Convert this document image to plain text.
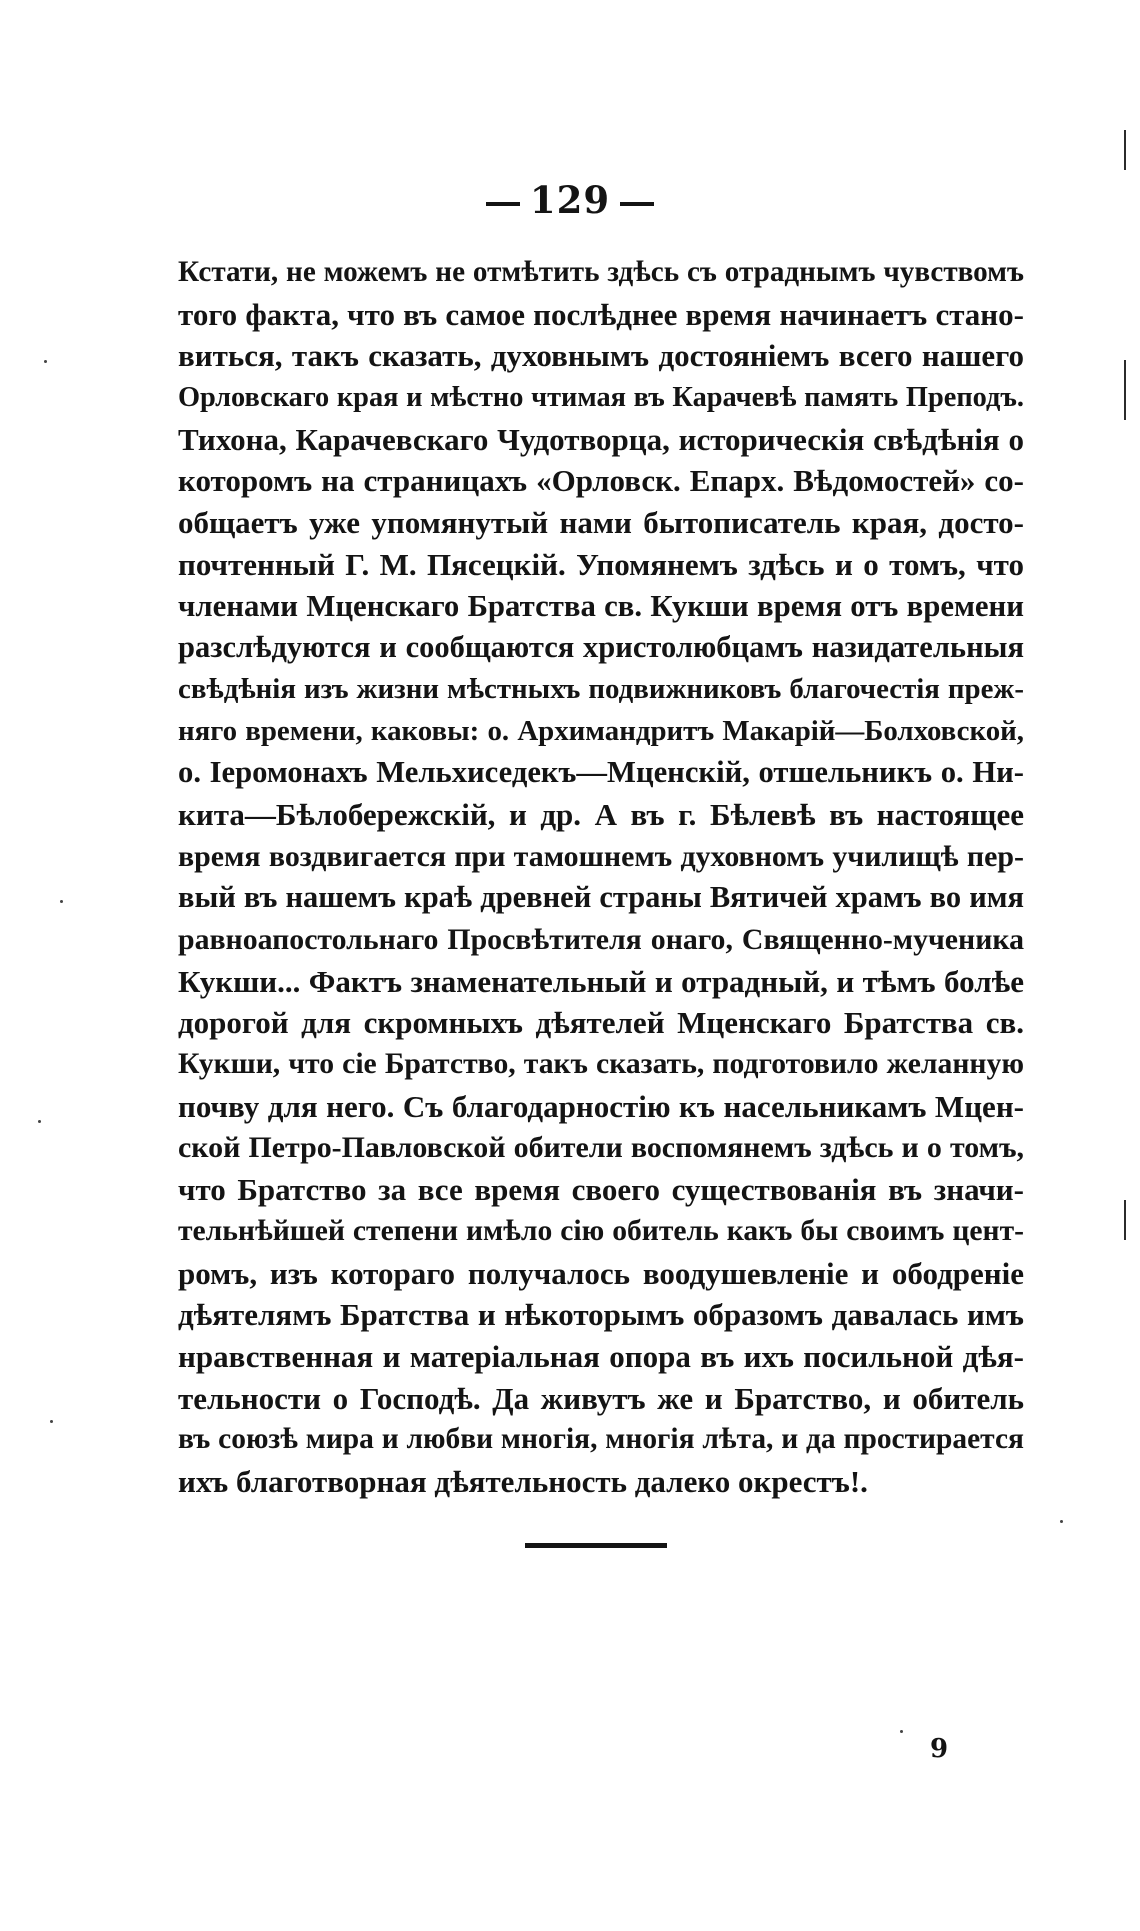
129
Кстати, не можемъ не отмѣтить здѣсь съ отраднымъ чувствомъ
того факта, что въ самое послѣднее время начинаетъ стано-
виться, такъ сказать, духовнымъ достояніемъ всего нашего
Орловскаго края и мѣстно чтимая въ Карачевѣ память Преподъ.
Тихона, Карачевскаго Чудотворца, историческія свѣдѣнія о
которомъ на страницахъ «Орловск. Епарх. Вѣдомостей» со-
общаетъ уже упомянутый нами бытописатель края, досто-
почтенный Г. М. Пясецкій. Упомянемъ здѣсь и о томъ, что
членами Мценскаго Братства св. Кукши время отъ времени
разслѣдуются и сообщаются христолюбцамъ назидательныя
свѣдѣнія изъ жизни мѣстныхъ подвижниковъ благочестія преж-
няго времени, каковы: о. Архимандритъ Макарій—Болховской,
о. Іеромонахъ Мельхиседекъ—Мценскій, отшельникъ о. Ни-
кита—Бѣлобережскій, и др. А въ г. Бѣлевѣ въ настоящее
время воздвигается при тамошнемъ духовномъ училищѣ пер-
вый въ нашемъ краѣ древней страны Вятичей храмъ во имя
равноапостольнаго Просвѣтителя онаго, Священно-мученика
Кукши... Фактъ знаменательный и отрадный, и тѣмъ болѣе
дорогой для скромныхъ дѣятелей Мценскаго Братства св.
Кукши, что сіе Братство, такъ сказать, подготовило желанную
почву для него. Съ благодарностію къ насельникамъ Мцен-
ской Петро-Павловской обители воспомянемъ здѣсь и о томъ,
что Братство за все время своего существованія въ значи-
тельнѣйшей степени имѣло сію обитель какъ бы своимъ цент-
ромъ, изъ котораго получалось воодушевленіе и ободреніе
дѣятелямъ Братства и нѣкоторымъ образомъ давалась имъ
нравственная и матеріальная опора въ ихъ посильной дѣя-
тельности о Господѣ. Да живутъ же и Братство, и обитель
въ союзѣ мира и любви многія, многія лѣта, и да простирается
ихъ благотворная дѣятельность далеко окрестъ!.
9
